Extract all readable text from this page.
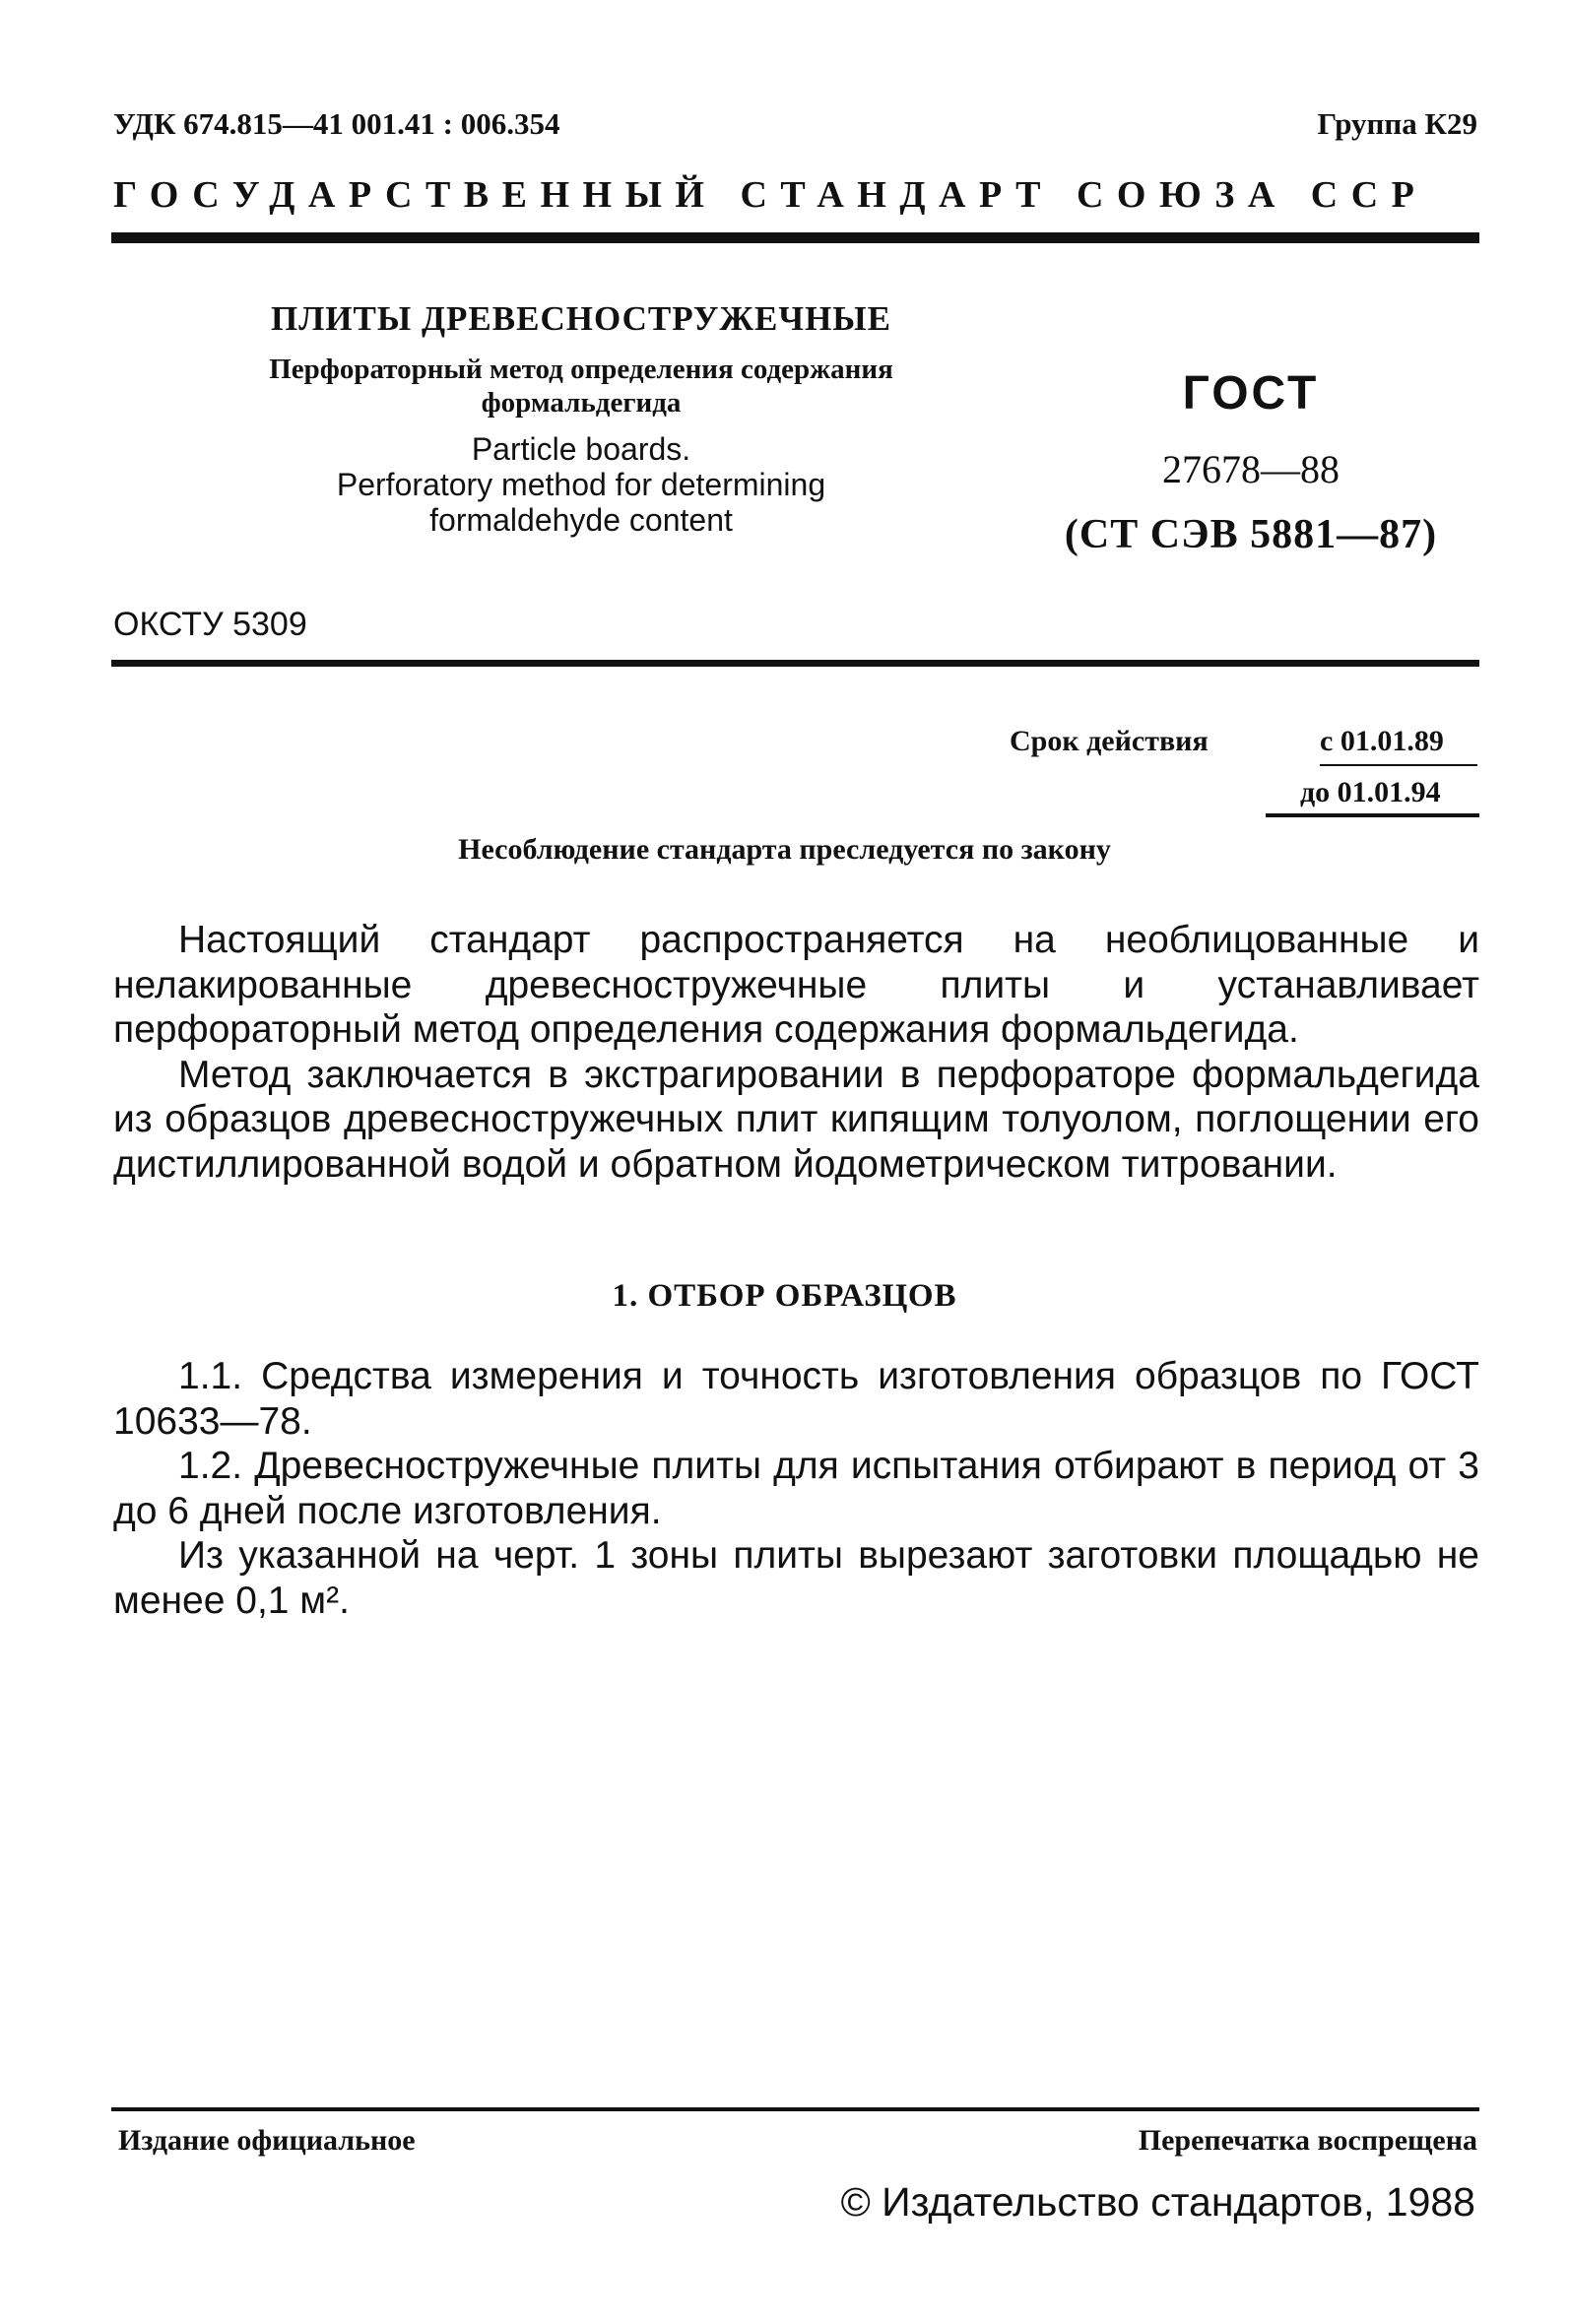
УДК 674.815—41 001.41 : 006.354	Группа К29
ГОСУДАРСТВЕННЫЙ СТАНДАРТ СОЮЗА ССР
ПЛИТЫ ДРЕВЕСНОСТРУЖЕЧНЫЕ
Перфораторный метод определения содержания
формальдегида
Particle boards.
Perforatory method for determining
formaldehyde content
ГОСТ
27678—88
(СТ СЭВ 5881—87)
ОКСТУ 5309
Срок действия	с 01.01.89
до 01.01.94
Несоблюдение стандарта преследуется по закону

Настоящий стандарт распространяется на необлицованные и нелакированные древесностружечные плиты и устанавливает перфораторный метод определения содержания формальдегида.

Метод заключается в экстрагировании в перфораторе формальдегида из образцов древесностружечных плит кипящим толуолом, поглощении его дистиллированной водой и обратном йодометрическом титровании.

1. ОТБОР ОБРАЗЦОВ

1.1. Средства измерения и точность изготовления образцов по ГОСТ 10633—78.

1.2. Древесностружечные плиты для испытания отбирают в период от 3 до 6 дней после изготовления.

Из указанной на черт. 1 зоны плиты вырезают заготовки площадью не менее 0,1 м².

Издание официальное	Перепечатка воспрещена
© Издательство стандартов, 1988
